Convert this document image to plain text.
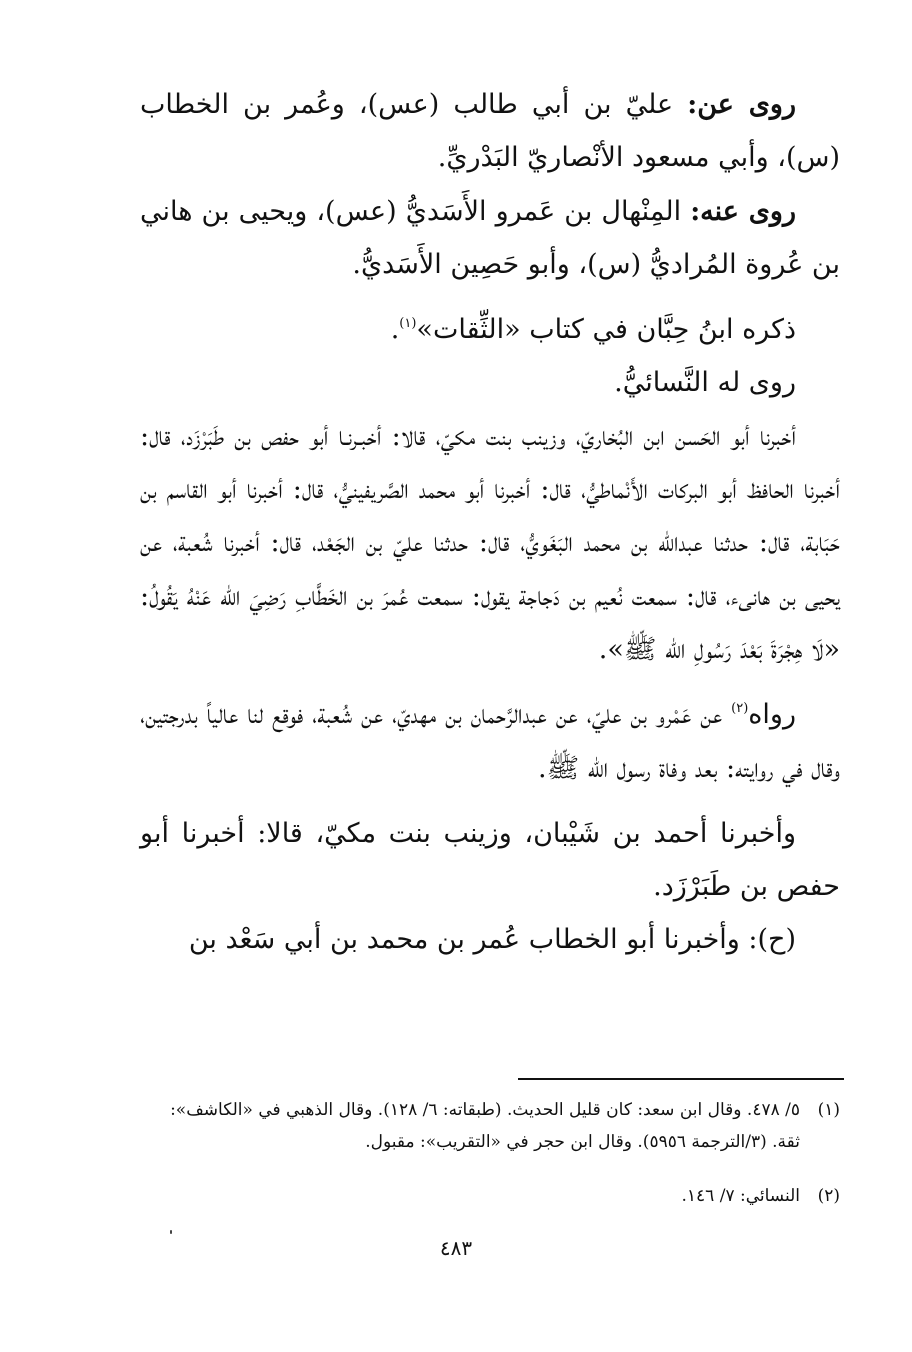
روى عن: عليّ بن أبي طالب (عس)، وعُمر بن الخطاب (س)، وأبي مسعود الأنْصاريّ البَدْريِّ.

روى عنه: المِنْهال بن عَمرو الأَسَديُّ (عس)، ويحيى بن هاني بن عُروة المُراديُّ (س)، وأبو حَصِين الأَسَديُّ.

ذكره ابنُ حِبَّان في كتاب «الثِّقات»$^{(١)}$.

روى له النَّسائيُّ.

أخبرنا أبو الحَسن ابن البُخاريّ، وزينب بنت مكيّ، قالا: أخبـرنـا أبو حفص بن طَبَرْزَد، قال: أخبرنا الحافظ أبو البركات الأَنْماطيُّ، قال: أخبرنا أبو محمد الصَّريفينيُّ، قال: أخبرنا أبو القاسم بن حَبَابة، قال: حدثنا عبدالله بن محمد البَغَويُّ، قال: حدثنا عليّ بن الجَعْد، قال: أخبرنا شُعبة، عن يحيى بن هانىء، قال: سمعت نُعيم بن دَجاجة يقول: سمعت عُمرَ بن الخَطَّابِ رَضِيَ الله عَنْهُ يَقُولُ: «لَا هِجْرَةَ بَعْدَ رَسُولِ الله ﷺ».

رواه$^{(٢)}$ عن عَمْرو بن عليّ، عن عبدالرَّحمان بن مهديّ، عن شُعبة، فوقع لنا عالياً بدرجتين، وقال في روايته: بعد وفاة رسول الله ﷺ.

وأخبرنا أحمد بن شَيْبان، وزينب بنت مكيّ، قالا: أخبرنا أبو حفص بن طَبَرْزَد.

(ح): وأخبرنا أبو الخطاب عُمر بن محمد بن أبي سَعْد بن

(١)
٥/ ٤٧٨. وقال ابن سعد: كان قليل الحديث. (طبقاته: ٦/ ١٢٨). وقال الذهبي في «الكاشف»: ثقة. (٣/الترجمة ٥٩٥٦). وقال ابن حجر في «التقريب»: مقبول.
(٢)
النسائي: ٧/ ١٤٦.
٤٨٣
